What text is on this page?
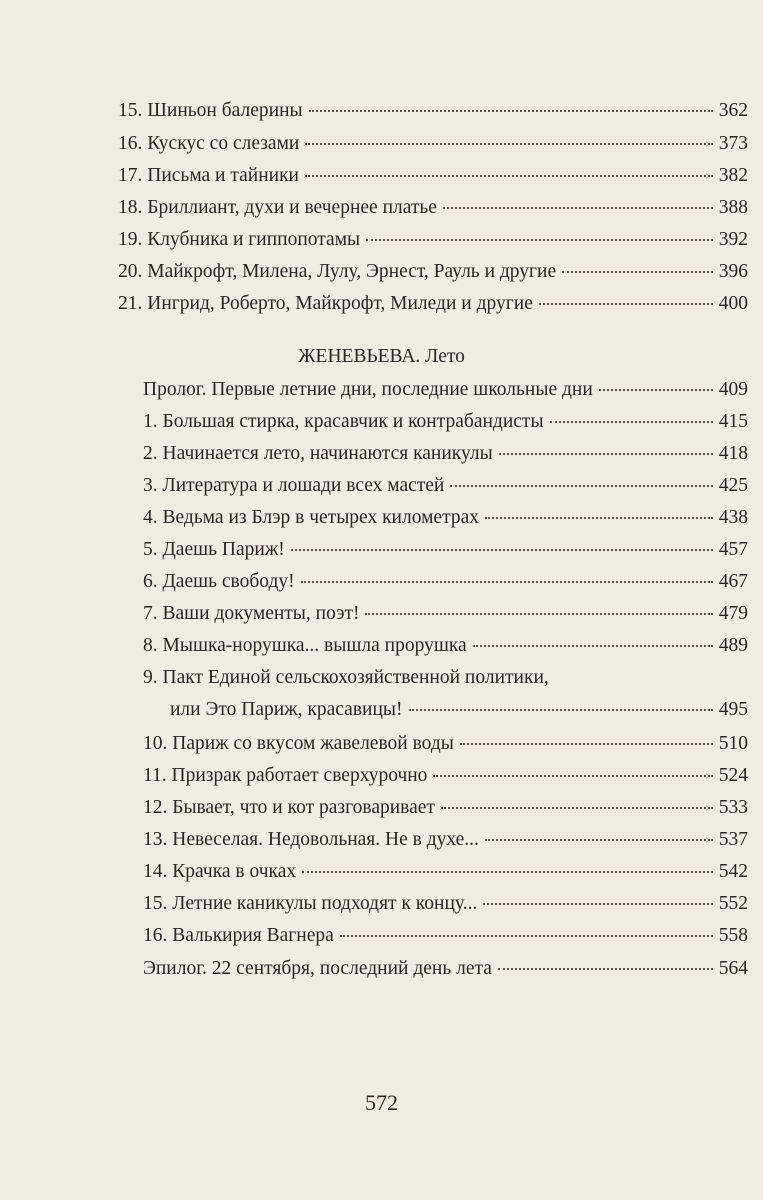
15. Шиньон балерины	362
16. Кускус со слезами	373
17. Письма и тайники	382
18. Бриллиант, духи и вечернее платье	388
19. Клубника и гиппопотамы	392
20. Майкрофт, Милена, Лулу, Эрнест, Рауль и другие	396
21. Ингрид, Роберто, Майкрофт, Миледи и другие	400
ЖЕНЕВЬЕВА. Лето
Пролог. Первые летние дни, последние школьные дни	409
1. Большая стирка, красавчик и контрабандисты	415
2. Начинается лето, начинаются каникулы	418
3. Литература и лошади всех мастей	425
4. Ведьма из Блэр в четырех километрах	438
5. Даешь Париж!	457
6. Даешь свободу!	467
7. Ваши документы, поэт!	479
8. Мышка-норушка... вышла прорушка	489
9. Пакт Единой сельскохозяйственной политики,
или Это Париж, красавицы!	495
10. Париж со вкусом жавелевой воды	510
11. Призрак работает сверхурочно	524
12. Бывает, что и кот разговаривает	533
13. Невеселая. Недовольная. Не в духе...	537
14. Крачка в очках	542
15. Летние каникулы подходят к концу...	552
16. Валькирия Вагнера	558
Эпилог. 22 сентября, последний день лета	564
572
